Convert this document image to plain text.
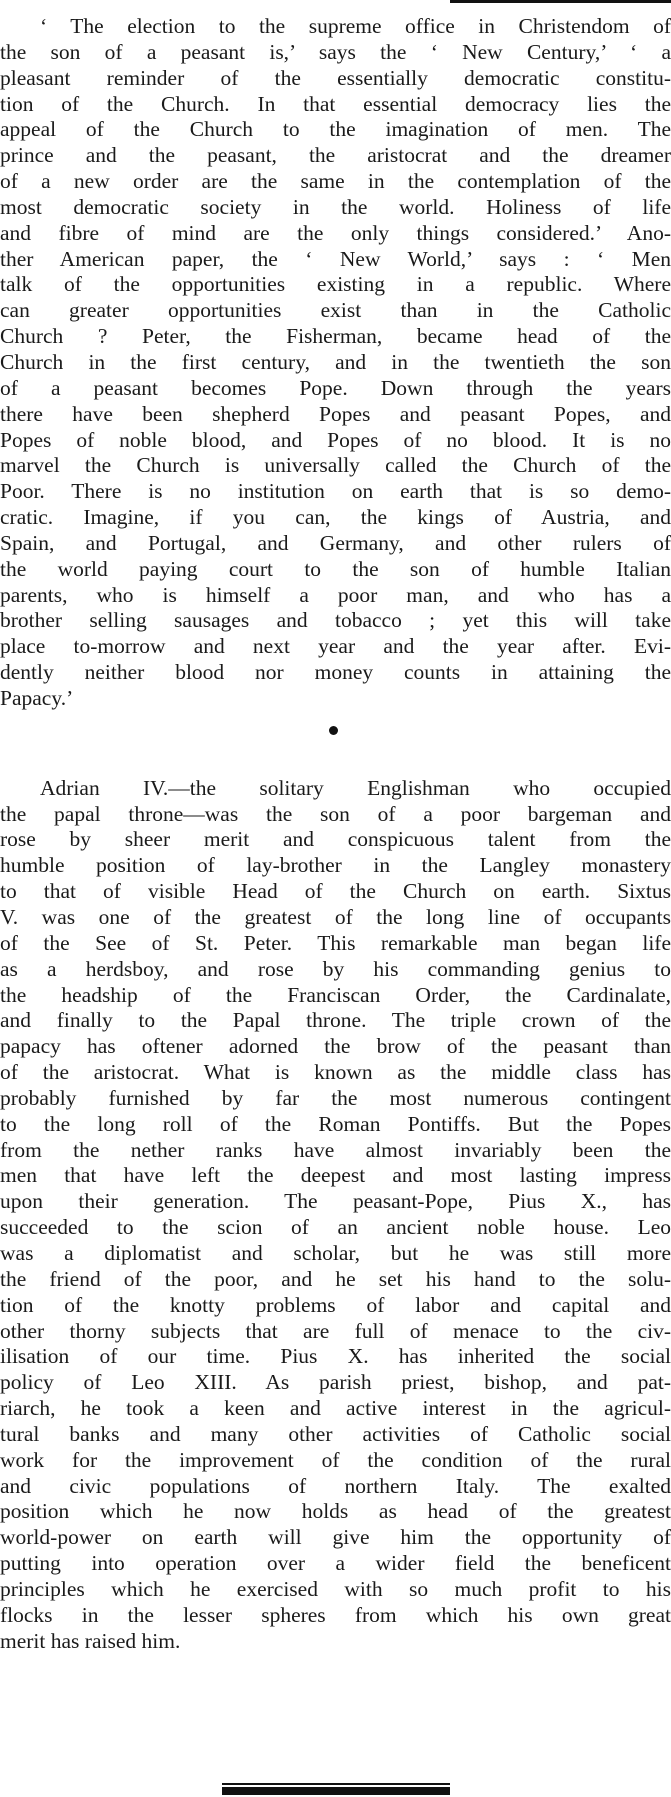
‘ The election to the supreme office in Christendom of
the son of a peasant is,’ says the ‘ New Century,’ ‘ a
pleasant reminder of the essentially democratic constitu-
tion of the Church. In that essential democracy lies the
appeal of the Church to the imagination of men. The
prince and the peasant, the aristocrat and the dreamer
of a new order are the same in the contemplation of the
most democratic society in the world. Holiness of life
and fibre of mind are the only things considered.’ Ano-
ther American paper, the ‘ New World,’ says : ‘ Men
talk of the opportunities existing in a republic. Where
can greater opportunities exist than in the Catholic
Church ? Peter, the Fisherman, became head of the
Church in the first century, and in the twentieth the son
of a peasant becomes Pope. Down through the years
there have been shepherd Popes and peasant Popes, and
Popes of noble blood, and Popes of no blood. It is no
marvel the Church is universally called the Church of the
Poor. There is no institution on earth that is so demo-
cratic. Imagine, if you can, the kings of Austria, and
Spain, and Portugal, and Germany, and other rulers of
the world paying court to the son of humble Italian
parents, who is himself a poor man, and who has a
brother selling sausages and tobacco ; yet this will take
place to-morrow and next year and the year after. Evi-
dently neither blood nor money counts in attaining the
Papacy.’
Adrian IV.—the solitary Englishman who occupied
the papal throne—was the son of a poor bargeman and
rose by sheer merit and conspicuous talent from the
humble position of lay-brother in the Langley monastery
to that of visible Head of the Church on earth. Sixtus
V. was one of the greatest of the long line of occupants
of the See of St. Peter. This remarkable man began life
as a herdsboy, and rose by his commanding genius to
the headship of the Franciscan Order, the Cardinalate,
and finally to the Papal throne. The triple crown of the
papacy has oftener adorned the brow of the peasant than
of the aristocrat. What is known as the middle class has
probably furnished by far the most numerous contingent
to the long roll of the Roman Pontiffs. But the Popes
from the nether ranks have almost invariably been the
men that have left the deepest and most lasting impress
upon their generation. The peasant-Pope, Pius X., has
succeeded to the scion of an ancient noble house. Leo
was a diplomatist and scholar, but he was still more
the friend of the poor, and he set his hand to the solu-
tion of the knotty problems of labor and capital and
other thorny subjects that are full of menace to the civ-
ilisation of our time. Pius X. has inherited the social
policy of Leo XIII. As parish priest, bishop, and pat-
riarch, he took a keen and active interest in the agricul-
tural banks and many other activities of Catholic social
work for the improvement of the condition of the rural
and civic populations of northern Italy. The exalted
position which he now holds as head of the greatest
world-power on earth will give him the opportunity of
putting into operation over a wider field the beneficent
principles which he exercised with so much profit to his
flocks in the lesser spheres from which his own great
merit has raised him.
